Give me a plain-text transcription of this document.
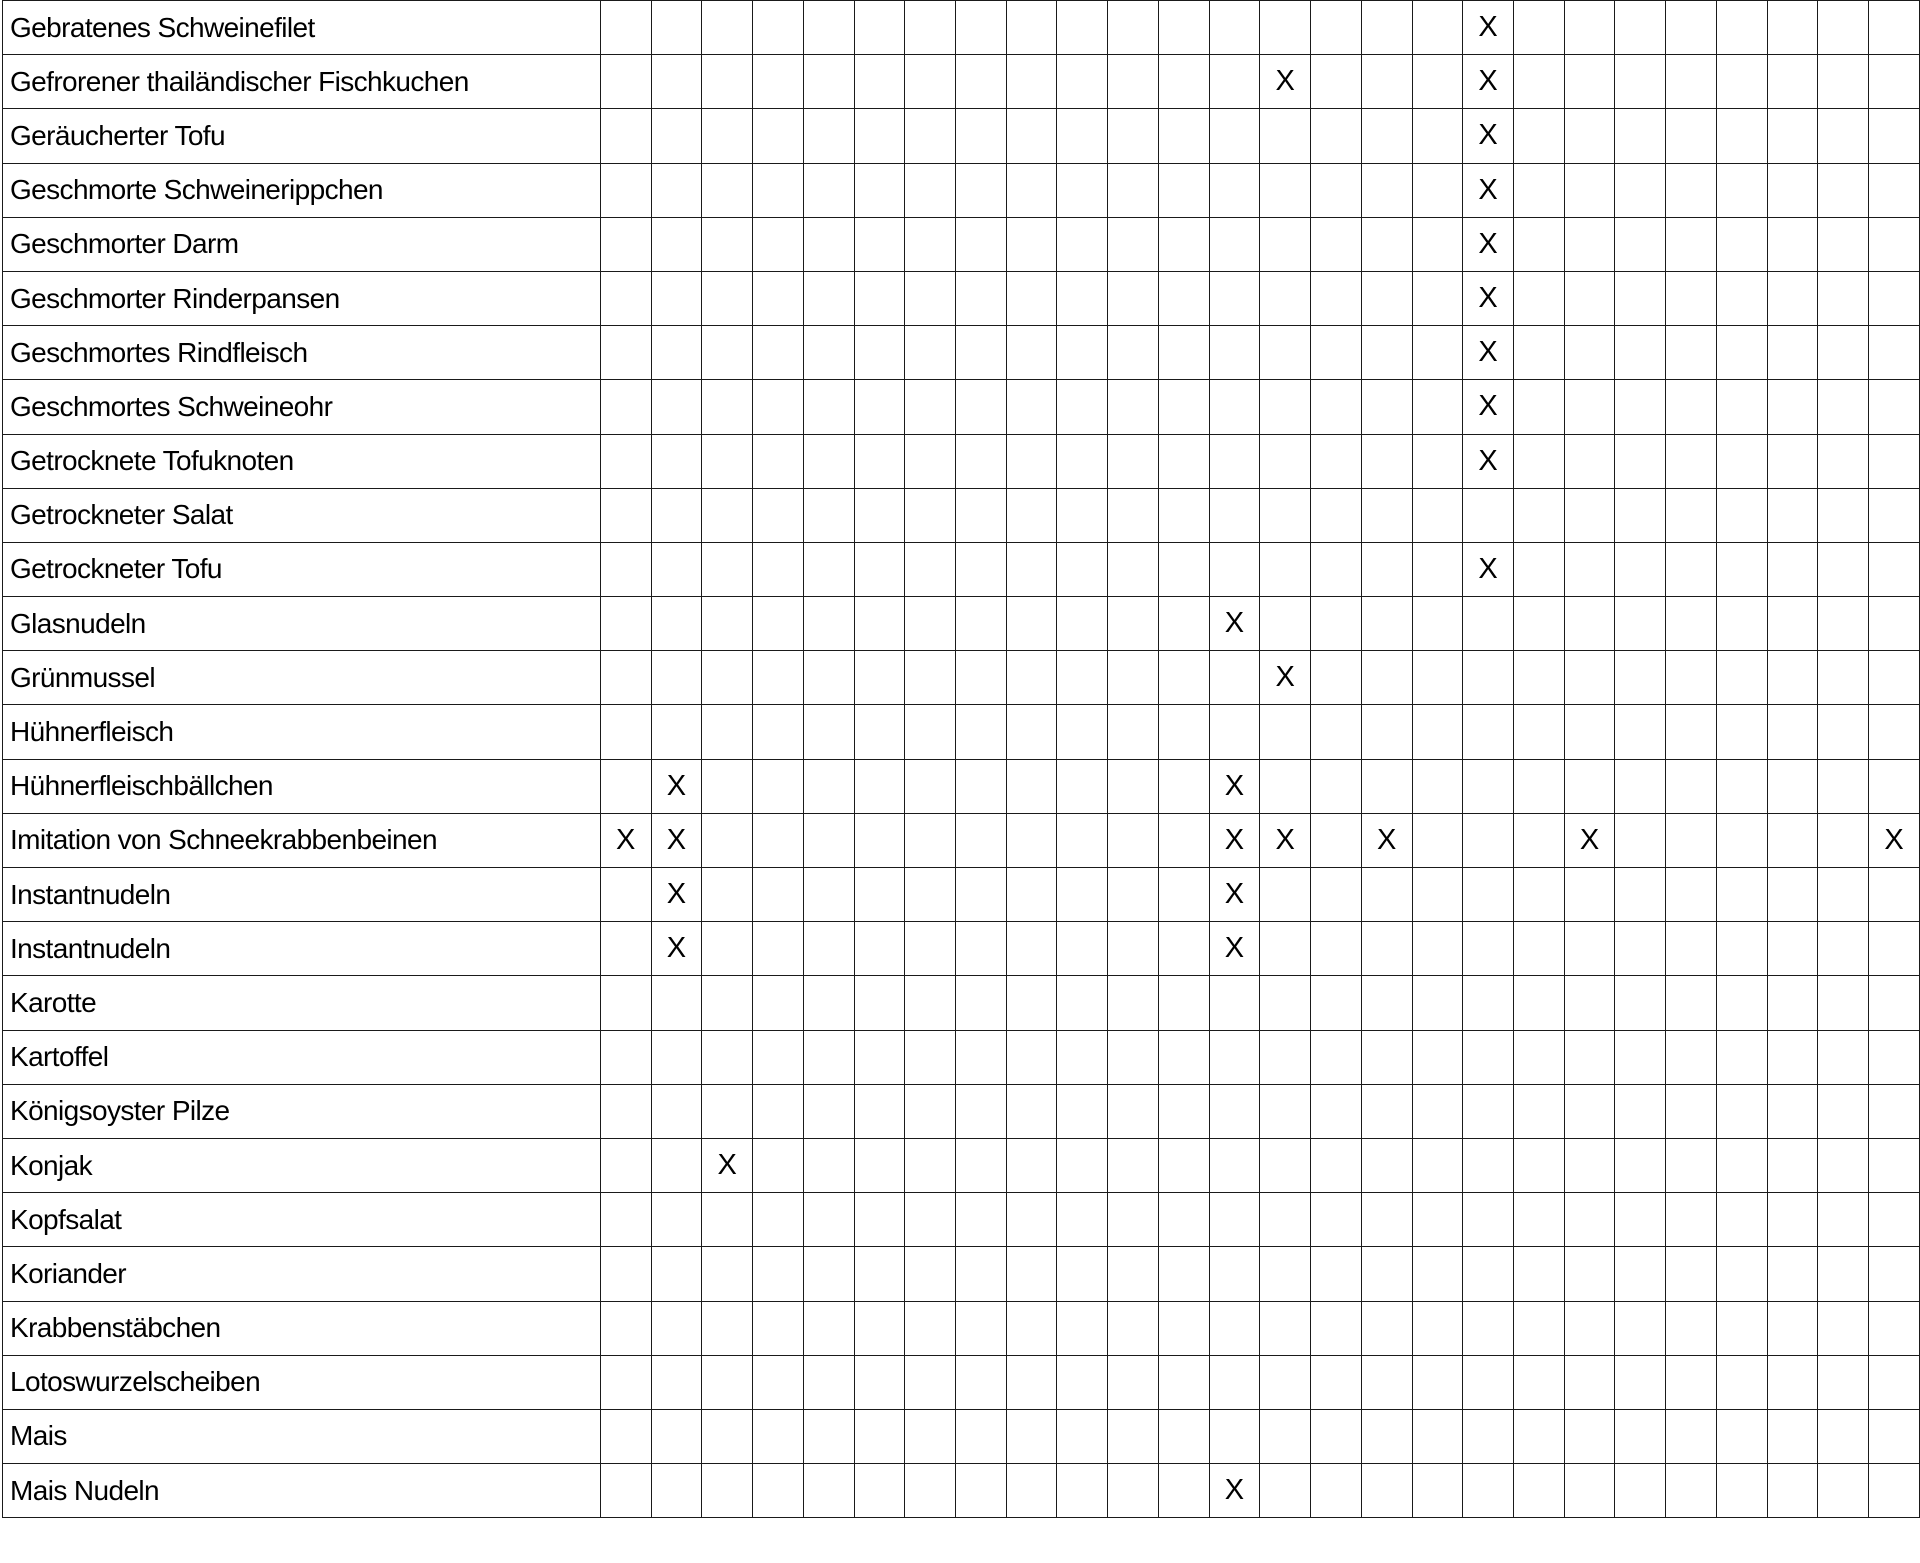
Gebratenes Schweinefilet																		X								
Gefrorener thailändischer Fischkuchen														X				X								
Geräucherter Tofu																		X								
Geschmorte Schweinerippchen																		X								
Geschmorter Darm																		X								
Geschmorter Rinderpansen																		X								
Geschmortes Rindfleisch																		X								
Geschmortes Schweineohr																		X								
Getrocknete Tofuknoten																		X								
Getrockneter Salat																										
Getrockneter Tofu																		X								
Glasnudeln													X													
Grünmussel														X												
Hühnerfleisch																										
Hühnerfleischbällchen		X											X													
Imitation von Schneekrabbenbeinen	X	X											X	X		X				X						X
Instantnudeln		X											X													
Instantnudeln		X											X													
Karotte																										
Kartoffel																										
Königsoyster Pilze																										
Konjak			X																							
Kopfsalat																										
Koriander																										
Krabbenstäbchen																										
Lotoswurzelscheiben																										
Mais																										
Mais Nudeln													X													
